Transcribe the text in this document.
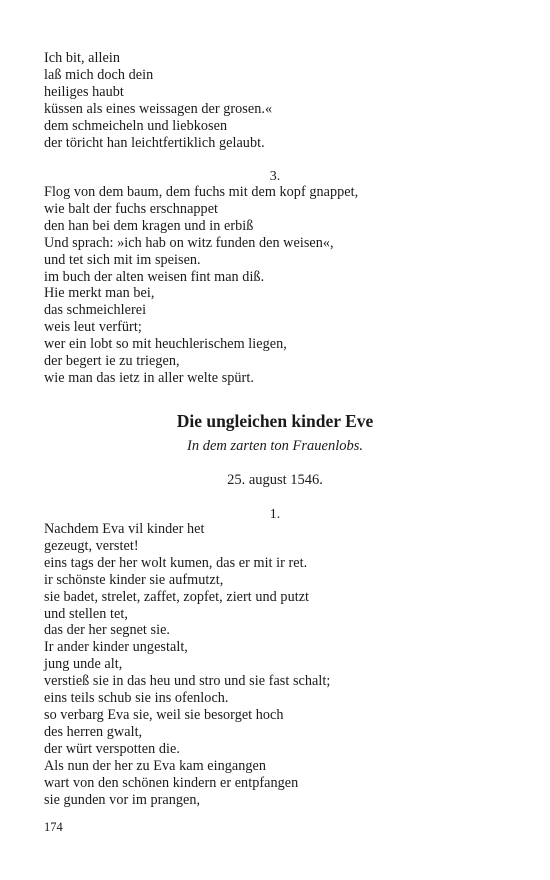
Ich bit, allein
laß mich doch dein
heiliges haubt
küssen als eines weissagen der grosen.«
dem schmeicheln und liebkosen
der töricht han leichtfertiklich gelaubt.
3.
Flog von dem baum, dem fuchs mit dem kopf gnappet,
wie balt der fuchs erschnappet
den han bei dem kragen und in erbiß
Und sprach: »ich hab on witz funden den weisen«,
und tet sich mit im speisen.
im buch der alten weisen fint man diß.
Hie merkt man bei,
das schmeichlerei
weis leut verfürt;
wer ein lobt so mit heuchlerischem liegen,
der begert ie zu triegen,
wie man das ietz in aller welte spürt.
Die ungleichen kinder Eve
In dem zarten ton Frauenlobs.
25. august 1546.
1.
Nachdem Eva vil kinder het
gezeugt, verstet!
eins tags der her wolt kumen, das er mit ir ret.
ir schönste kinder sie aufmutzt,
sie badet, strelet, zaffet, zopfet, ziert und putzt
und stellen tet,
das der her segnet sie.
Ir ander kinder ungestalt,
jung unde alt,
verstieß sie in das heu und stro und sie fast schalt;
eins teils schub sie ins ofenloch.
so verbarg Eva sie, weil sie besorget hoch
des herren gwalt,
der würt verspotten die.
Als nun der her zu Eva kam eingangen
wart von den schönen kindern er entpfangen
sie gunden vor im prangen,
174
